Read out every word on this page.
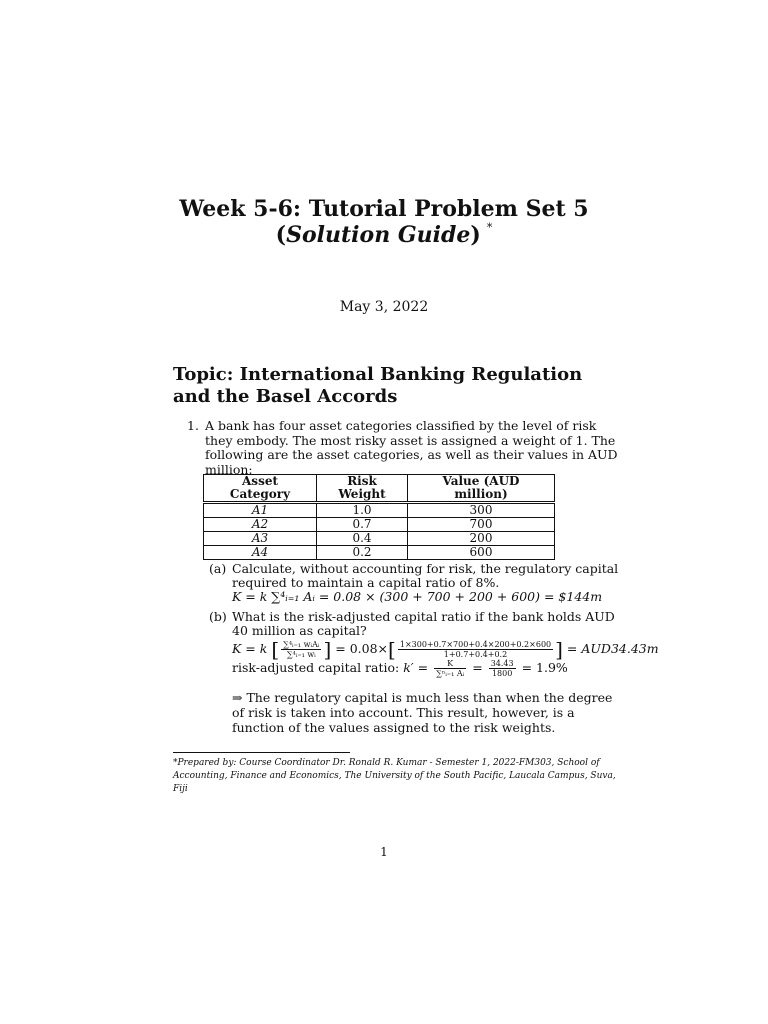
Week 5-6: Tutorial Problem Set 5
(Solution Guide) *
May 3, 2022
Topic: International Banking Regulation and the Basel Accords
1. A bank has four asset categories classified by the level of risk they embody. The most risky asset is assigned a weight of 1. The following are the asset categories, as well as their values in AUD million:
Asset Category	Risk Weight	Value (AUD million)
A1	1.0	300
A2	0.7	700
A3	0.4	200
A4	0.2	600
(a) Calculate, without accounting for risk, the regulatory capital required to maintain a capital ratio of 8%.
K = k ∑⁴ᵢ₌₁ Aᵢ = 0.08 × (300 + 700 + 200 + 600) = $144m
(b) What is the risk-adjusted capital ratio if the bank holds AUD 40 million as capital?
K = k [ $\frac{\text{∑⁴ᵢ₌₁ wᵢAᵢ}}{\text{∑⁴ᵢ₌₁ wᵢ}}$ ] = $0.08\times[ \frac{1\times 300+0.7\times 700+0.4\times 200+0.2\times 600}{1+0.7+0.4+0.2}$ ] = AUD34.43m
risk-adjusted capital ratio: $k' = \frac{K}{\text{∑ⁿᵢ₌₁ Aᵢ}} = \frac{34.43}{1800} = 1.9\%$
⇒ The regulatory capital is much less than when the degree of risk is taken into account. This result, however, is a function of the values assigned to the risk weights.
*Prepared by: Course Coordinator Dr. Ronald R. Kumar - Semester 1, 2022-FM303, School of Accounting, Finance and Economics, The University of the South Pacific, Laucala Campus, Suva, Fiji
1
